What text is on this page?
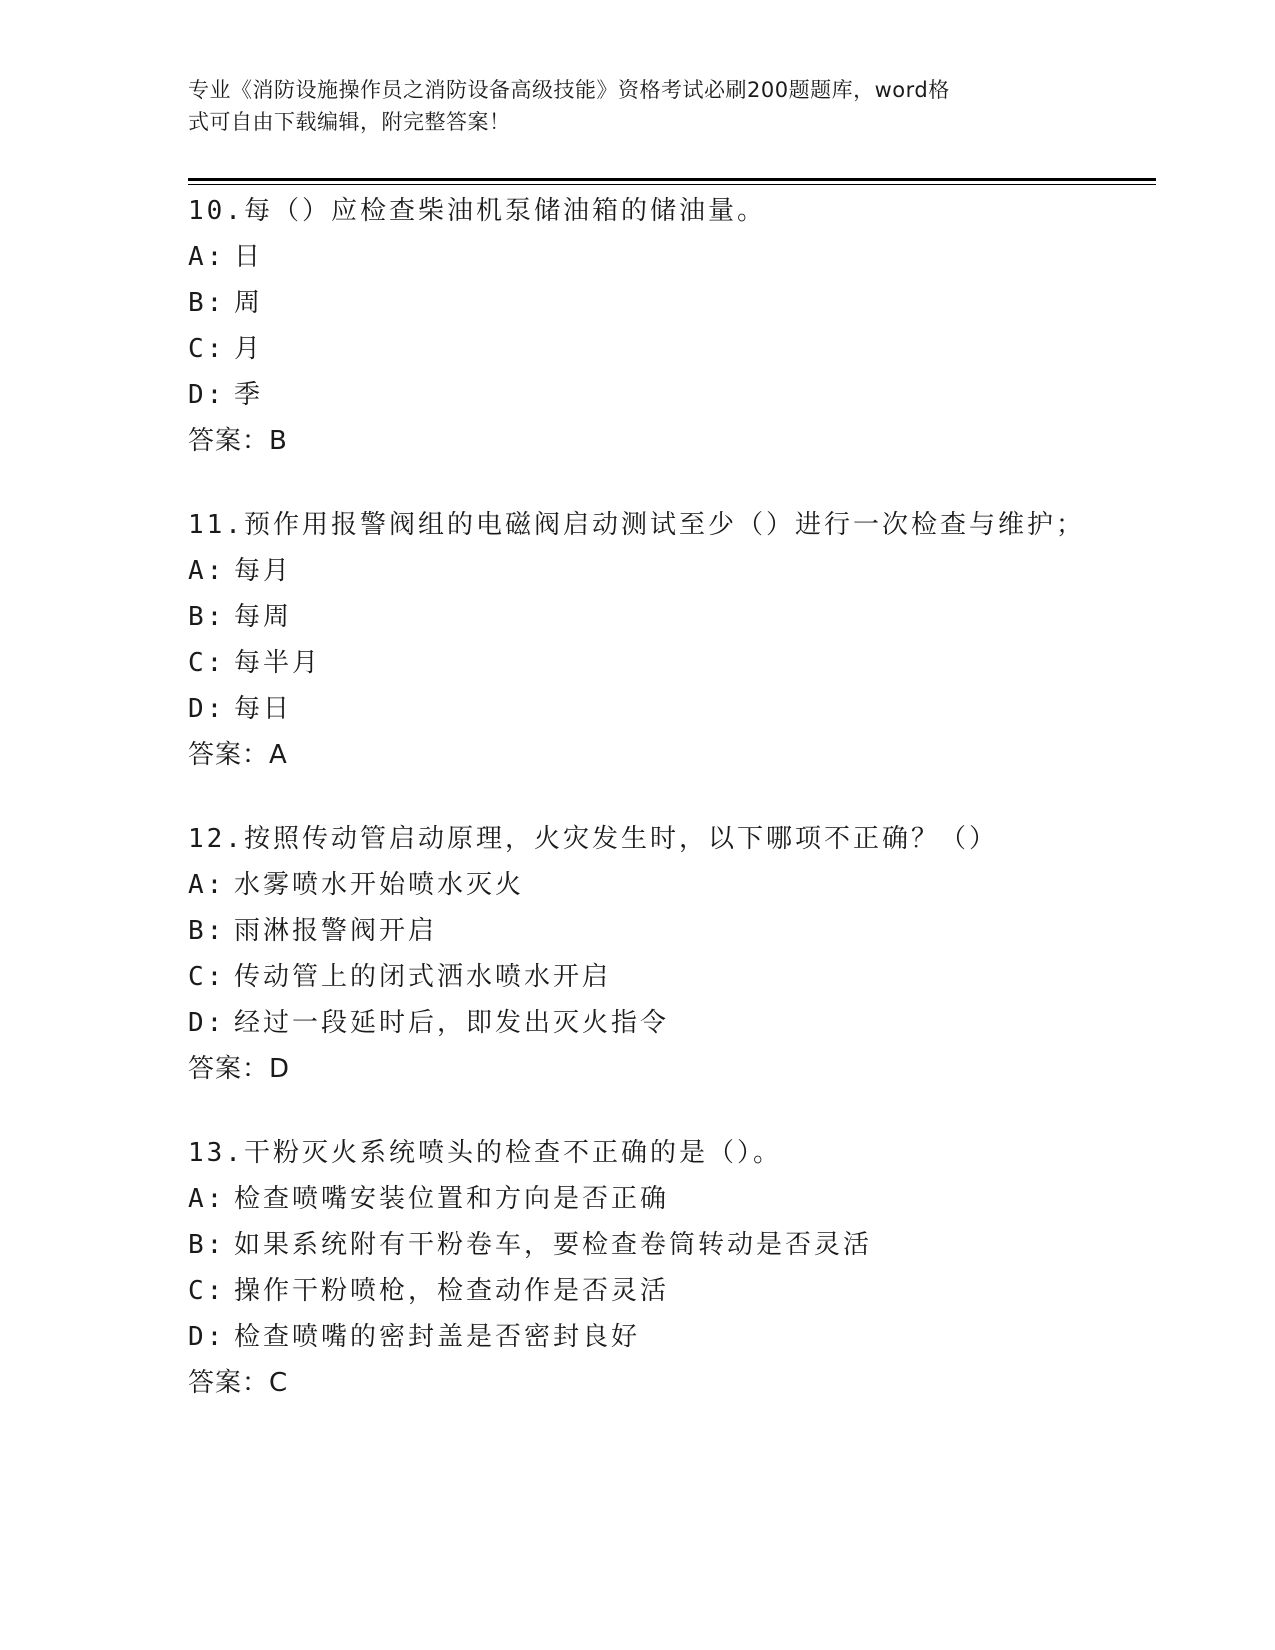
专业《消防设施操作员之消防设备高级技能》资格考试必刷200题题库，word格
式可自由下载编辑，附完整答案！
10.每（）应检查柴油机泵储油箱的储油量。
A: 日
B: 周
C: 月
D: 季
答案：B
11.预作用报警阀组的电磁阀启动测试至少（）进行一次检查与维护；
A: 每月
B: 每周
C: 每半月
D: 每日
答案：A
12.按照传动管启动原理，火灾发生时，以下哪项不正确？（）
A: 水雾喷水开始喷水灭火
B: 雨淋报警阀开启
C: 传动管上的闭式洒水喷水开启
D: 经过一段延时后，即发出灭火指令
答案：D
13.干粉灭火系统喷头的检查不正确的是（）。
A: 检查喷嘴安装位置和方向是否正确
B: 如果系统附有干粉卷车，要检查卷筒转动是否灵活
C: 操作干粉喷枪，检查动作是否灵活
D: 检查喷嘴的密封盖是否密封良好
答案：C
